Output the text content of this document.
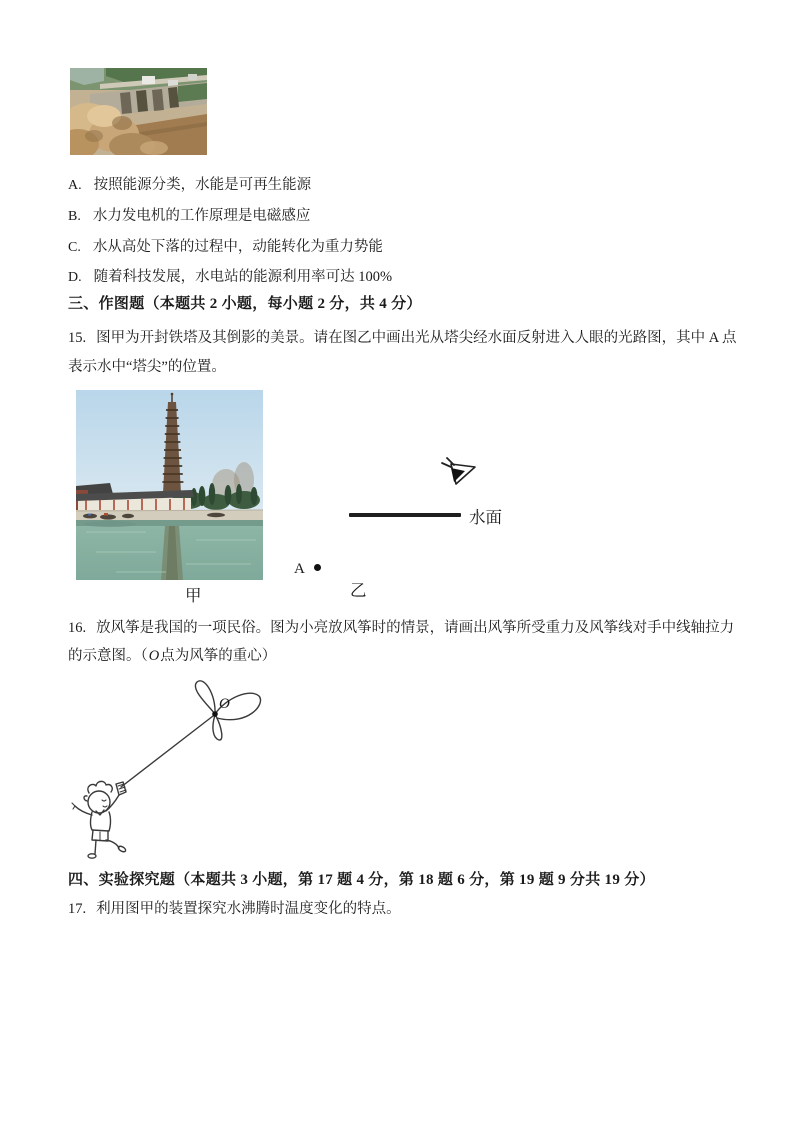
A. 按照能源分类，水能是可再生能源
B. 水力发电机的工作原理是电磁感应
C. 水从高处下落的过程中，动能转化为重力势能
D. 随着科技发展，水电站的能源利用率可达 100%
三、作图题（本题共 2 小题，每小题 2 分，共 4 分）
15. 图甲为开封铁塔及其倒影的美景。请在图乙中画出光从塔尖经水面反射进入人眼的光路图，其中 A 点
表示水中“塔尖”的位置。
甲
水面
A
乙
16. 放风筝是我国的一项民俗。图为小亮放风筝时的情景，请画出风筝所受重力及风筝线对手中线轴拉力
的示意图。（O点为风筝的重心）
O
四、实验探究题（本题共 3 小题，第 17 题 4 分，第 18 题 6 分，第 19 题 9 分共 19 分）
17. 利用图甲的装置探究水沸腾时温度变化的特点。
